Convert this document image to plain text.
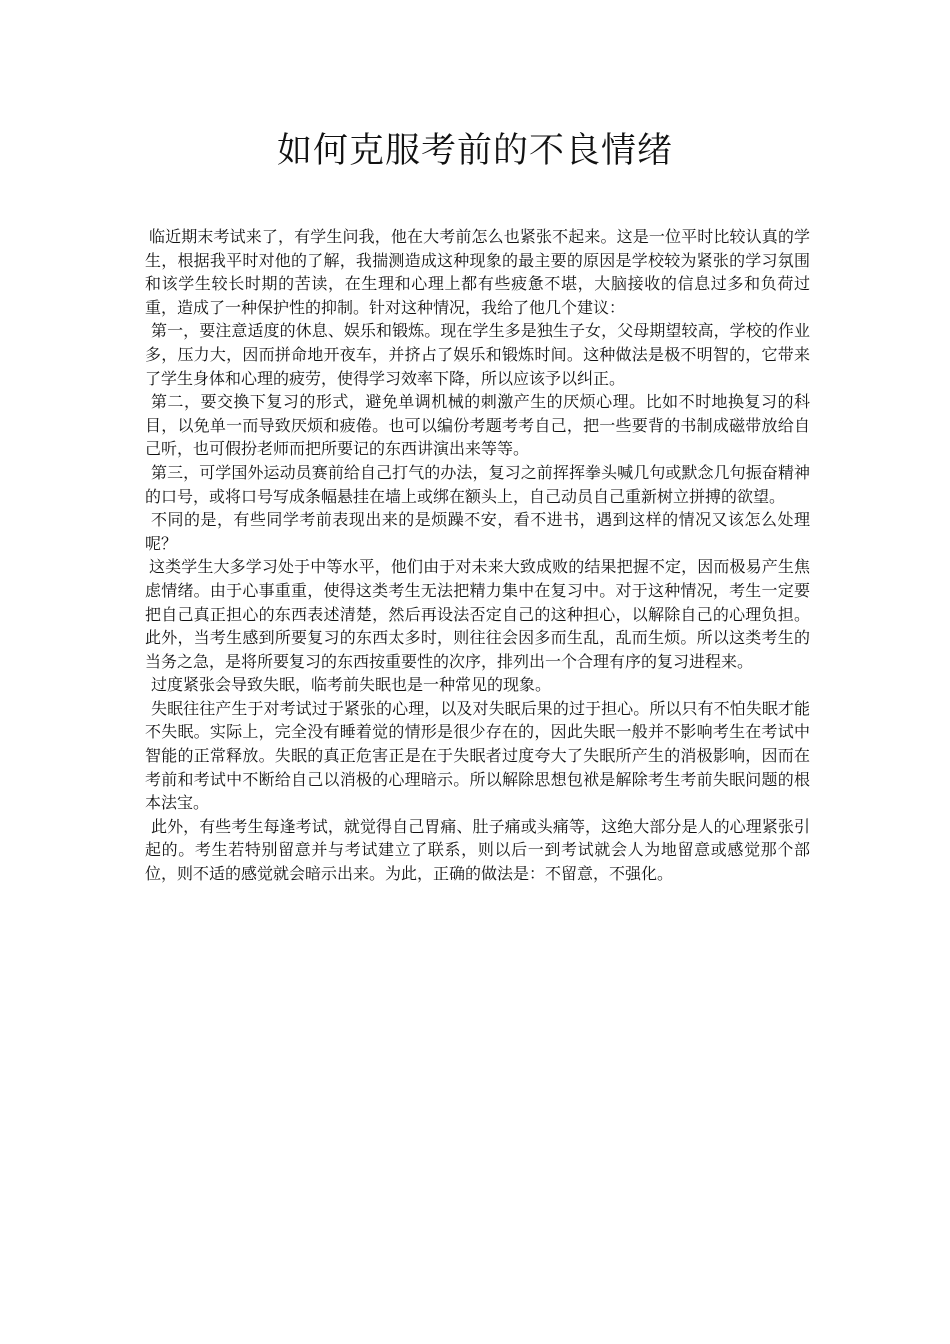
如何克服考前的不良情绪

临近期末考试来了，有学生问我，他在大考前怎么也紧张不起来。这是一位平时比较认真的学生，根据我平时对他的了解，我揣测造成这种现象的最主要的原因是学校较为紧张的学习氛围和该学生较长时期的苦读，在生理和心理上都有些疲惫不堪，大脑接收的信息过多和负荷过重，造成了一种保护性的抑制。针对这种情况，我给了他几个建议：

第一，要注意适度的休息、娱乐和锻炼。现在学生多是独生子女，父母期望较高，学校的作业多，压力大，因而拼命地开夜车，并挤占了娱乐和锻炼时间。这种做法是极不明智的，它带来了学生身体和心理的疲劳，使得学习效率下降，所以应该予以纠正。

第二，要交換下复习的形式，避免单调机械的刺激产生的厌烦心理。比如不时地换复习的科目，以免单一而导致厌烦和疲倦。也可以编份考题考考自己，把一些要背的书制成磁带放给自己听，也可假扮老师而把所要记的东西讲演出来等等。

第三，可学国外运动员赛前给自己打气的办法，复习之前挥挥拳头喊几句或默念几句振奋精神的口号，或将口号写成条幅悬挂在墙上或绑在额头上，自己动员自己重新树立拼搏的欲望。

不同的是，有些同学考前表现出来的是烦躁不安，看不进书，遇到这样的情况又该怎么处理呢？

这类学生大多学习处于中等水平，他们由于对未来大致成败的结果把握不定，因而极易产生焦虑情绪。由于心事重重，使得这类考生无法把精力集中在复习中。对于这种情况，考生一定要把自己真正担心的东西表述清楚，然后再设法否定自己的这种担心，以解除自己的心理负担。此外，当考生感到所要复习的东西太多时，则往往会因多而生乱，乱而生烦。所以这类考生的当务之急，是将所要复习的东西按重要性的次序，排列出一个合理有序的复习进程来。

过度紧张会导致失眠，临考前失眠也是一种常见的现象。

失眠往往产生于对考试过于紧张的心理，以及对失眠后果的过于担心。所以只有不怕失眠才能不失眠。实际上，完全没有睡着觉的情形是很少存在的，因此失眠一般并不影响考生在考试中智能的正常释放。失眠的真正危害正是在于失眠者过度夸大了失眠所产生的消极影响，因而在考前和考试中不断给自己以消极的心理暗示。所以解除思想包袱是解除考生考前失眠问题的根本法宝。

此外，有些考生每逢考试，就觉得自己胃痛、肚子痛或头痛等，这绝大部分是人的心理紧张引起的。考生若特别留意并与考试建立了联系，则以后一到考试就会人为地留意或感觉那个部位，则不适的感觉就会暗示出来。为此，正确的做法是：不留意，不强化。
